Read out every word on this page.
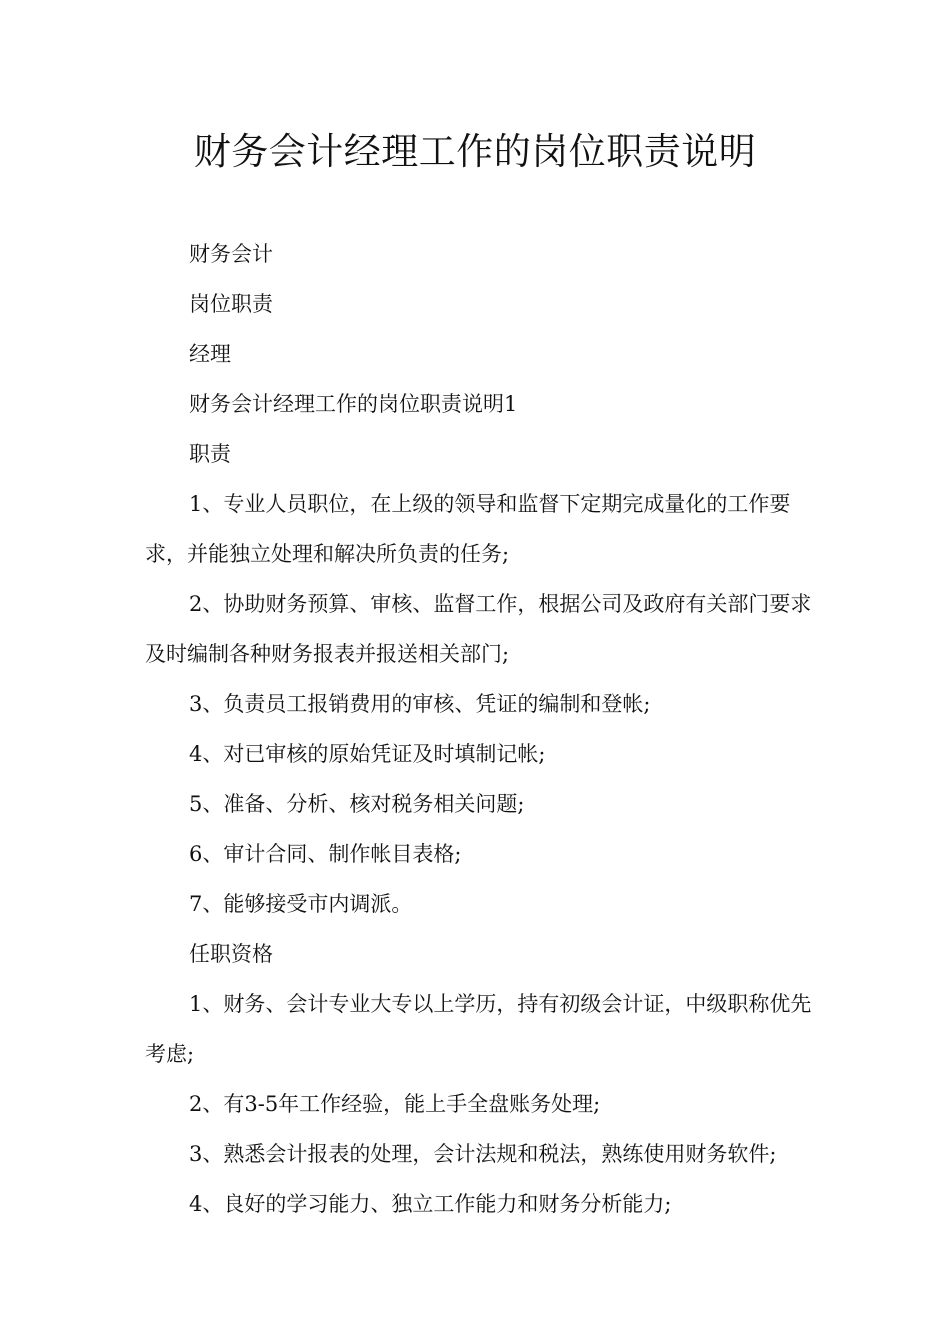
财务会计经理工作的岗位职责说明

财务会计

岗位职责

经理

财务会计经理工作的岗位职责说明1

职责

1、专业人员职位，在上级的领导和监督下定期完成量化的工作要求，并能独立处理和解决所负责的任务;

2、协助财务预算、审核、监督工作，根据公司及政府有关部门要求及时编制各种财务报表并报送相关部门;

3、负责员工报销费用的审核、凭证的编制和登帐;

4、对已审核的原始凭证及时填制记帐;

5、准备、分析、核对税务相关问题;

6、审计合同、制作帐目表格;

7、能够接受市内调派。

任职资格

1、财务、会计专业大专以上学历，持有初级会计证，中级职称优先考虑;

2、有3-5年工作经验，能上手全盘账务处理;

3、熟悉会计报表的处理，会计法规和税法，熟练使用财务软件;

4、良好的学习能力、独立工作能力和财务分析能力;
